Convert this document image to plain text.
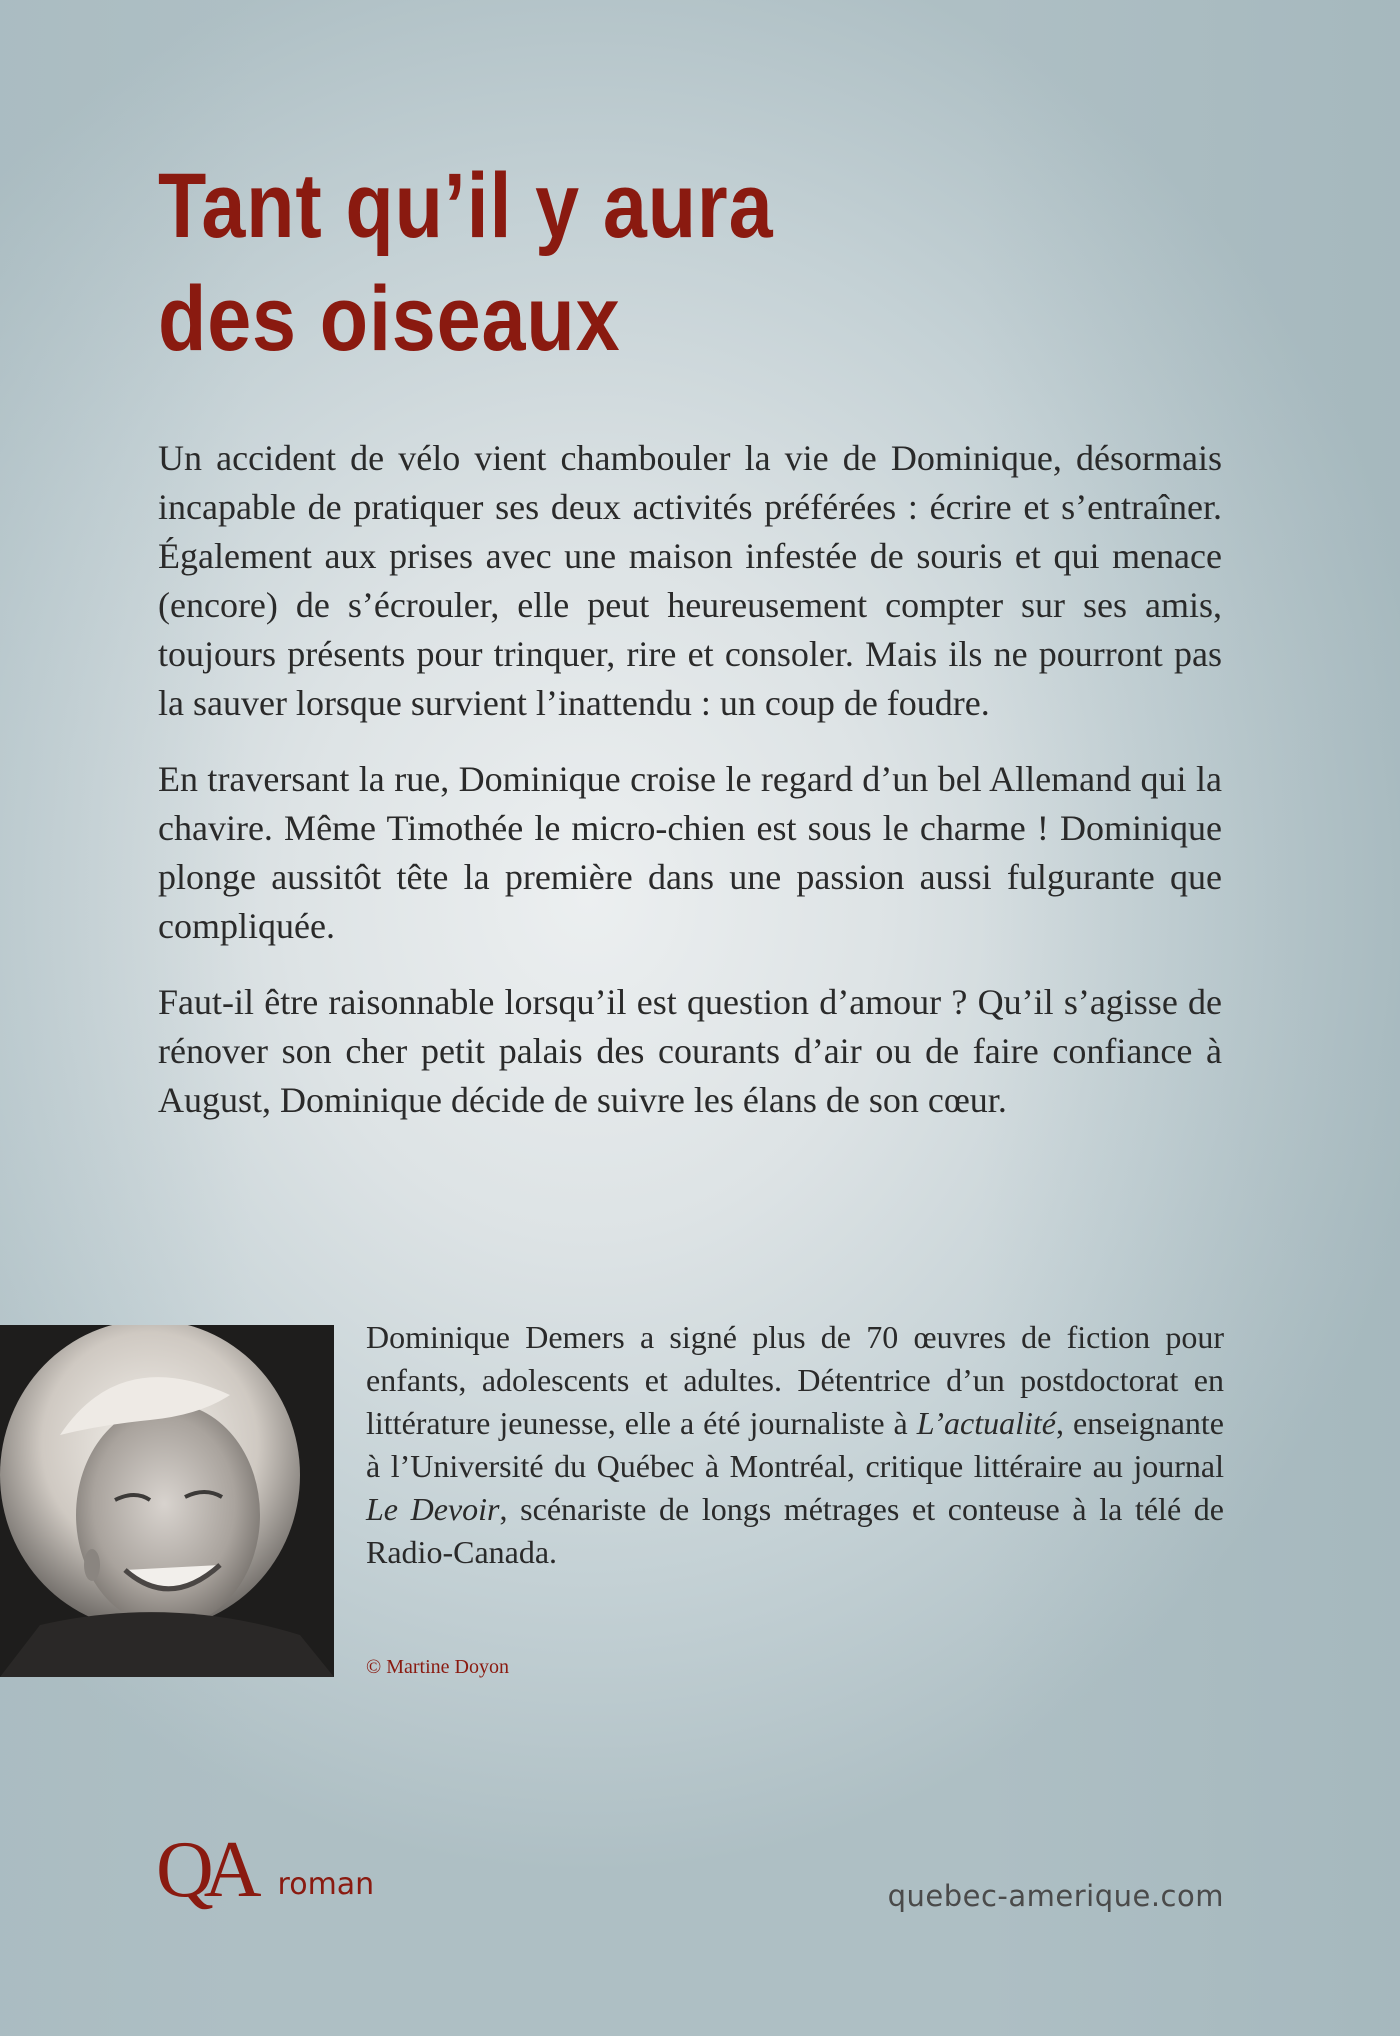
Tant qu’il y aura
des oiseaux

Un accident de vélo vient chambouler la vie de Dominique, désormais incapable de pratiquer ses deux activités préférées : écrire et s’entraîner. Également aux prises avec une maison infestée de souris et qui menace (encore) de s’écrouler, elle peut heureusement compter sur ses amis, toujours présents pour trinquer, rire et consoler. Mais ils ne pourront pas la sauver lorsque survient l’inattendu : un coup de foudre.

En traversant la rue, Dominique croise le regard d’un bel Allemand qui la chavire. Même Timothée le micro-chien est sous le charme ! Dominique plonge aussitôt tête la première dans une passion aussi fulgurante que compliquée.

Faut-il être raisonnable lorsqu’il est question d’amour ? Qu’il s’agisse de rénover son cher petit palais des courants d’air ou de faire confiance à August, Dominique décide de suivre les élans de son cœur.

Dominique Demers a signé plus de 70 œuvres de fiction pour enfants, adolescents et adultes. Détentrice d’un postdoctorat en littérature jeunesse, elle a été journaliste à L’actualité, enseignante à l’Université du Québec à Montréal, critique littéraire au journal Le Devoir, scénariste de longs métrages et conteuse à la télé de Radio-Canada.

© Martine Doyon

QA roman	quebec-amerique.com
